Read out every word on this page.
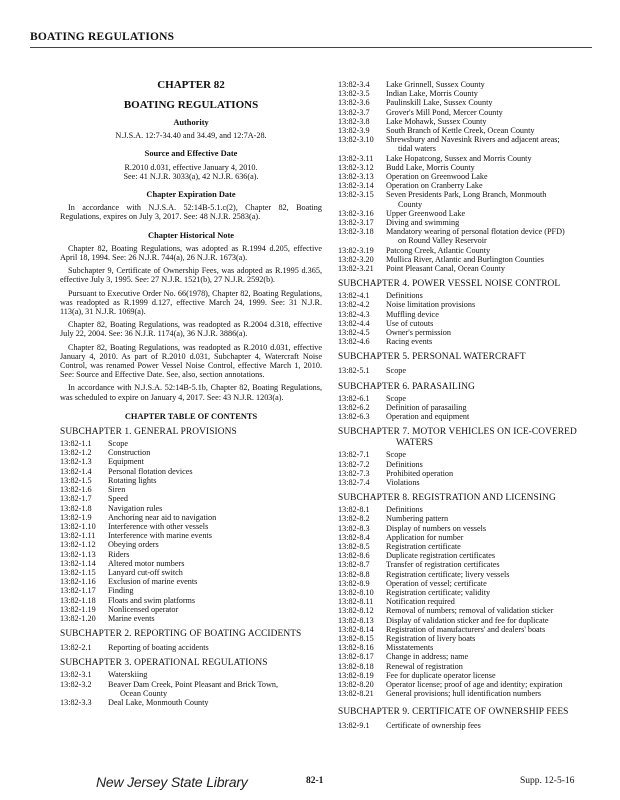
BOATING REGULATIONS
CHAPTER 82
BOATING REGULATIONS
Authority
N.J.S.A. 12:7-34.40 and 34.49, and 12:7A-28.
Source and Effective Date
R.2010 d.031, effective January 4, 2010.
See: 41 N.J.R. 3033(a), 42 N.J.R. 636(a).
Chapter Expiration Date

In accordance with N.J.S.A. 52:14B-5.1.c(2), Chapter 82, Boating Regulations, expires on July 3, 2017. See: 48 N.J.R. 2583(a).

Chapter Historical Note

Chapter 82, Boating Regulations, was adopted as R.1994 d.205, effective April 18, 1994. See: 26 N.J.R. 744(a), 26 N.J.R. 1673(a).

Subchapter 9, Certificate of Ownership Fees, was adopted as R.1995 d.365, effective July 3, 1995. See: 27 N.J.R. 1521(b), 27 N.J.R. 2592(b).

Pursuant to Executive Order No. 66(1978), Chapter 82, Boating Regulations, was readopted as R.1999 d.127, effective March 24, 1999. See: 31 N.J.R. 113(a), 31 N.J.R. 1069(a).

Chapter 82, Boating Regulations, was readopted as R.2004 d.318, effective July 22, 2004. See: 36 N.J.R. 1174(a), 36 N.J.R. 3886(a).

Chapter 82, Boating Regulations, was readopted as R.2010 d.031, effective January 4, 2010. As part of R.2010 d.031, Subchapter 4, Watercraft Noise Control, was renamed Power Vessel Noise Control, effective March 1, 2010. See: Source and Effective Date. See, also, section annotations.

In accordance with N.J.S.A. 52:14B-5.1b, Chapter 82, Boating Regulations, was scheduled to expire on January 4, 2017. See: 43 N.J.R. 1203(a).

CHAPTER TABLE OF CONTENTS
SUBCHAPTER 1. GENERAL PROVISIONS
13:82-1.1	Scope
13:82-1.2	Construction
13:82-1.3	Equipment
13:82-1.4	Personal flotation devices
13:82-1.5	Rotating lights
13:82-1.6	Siren
13:82-1.7	Speed
13:82-1.8	Navigation rules
13:82-1.9	Anchoring near aid to navigation
13:82-1.10	Interference with other vessels
13:82-1.11	Interference with marine events
13:82-1.12	Obeying orders
13:82-1.13	Riders
13:82-1.14	Altered motor numbers
13:82-1.15	Lanyard cut-off switch
13:82-1.16	Exclusion of marine events
13:82-1.17	Finding
13:82-1.18	Floats and swim platforms
13:82-1.19	Nonlicensed operator
13:82-1.20	Marine events
SUBCHAPTER 2. REPORTING OF BOATING ACCIDENTS
13:82-2.1	Reporting of boating accidents
SUBCHAPTER 3. OPERATIONAL REGULATIONS
13:82-3.1	Waterskiing
13:82-3.2	Beaver Dam Creek, Point Pleasant and Brick Town,
Ocean County
13:82-3.3	Deal Lake, Monmouth County
13:82-3.4	Lake Grinnell, Sussex County
13:82-3.5	Indian Lake, Morris County
13:82-3.6	Paulinskill Lake, Sussex County
13:82-3.7	Grover's Mill Pond, Mercer County
13:82-3.8	Lake Mohawk, Sussex County
13:82-3.9	South Branch of Kettle Creek, Ocean County
13:82-3.10	Shrewsbury and Navesink Rivers and adjacent areas;
tidal waters
13:82-3.11	Lake Hopatcong, Sussex and Morris County
13:82-3.12	Budd Lake, Morris County
13:82-3.13	Operation on Greenwood Lake
13:82-3.14	Operation on Cranberry Lake
13:82-3.15	Seven Presidents Park, Long Branch, Monmouth
County
13:82-3.16	Upper Greenwood Lake
13:82-3.17	Diving and swimming
13:82-3.18	Mandatory wearing of personal flotation device (PFD)
on Round Valley Reservoir
13:82-3.19	Patcong Creek, Atlantic County
13:82-3.20	Mullica River, Atlantic and Burlington Counties
13:82-3.21	Point Pleasant Canal, Ocean County
SUBCHAPTER 4. POWER VESSEL NOISE CONTROL
13:82-4.1	Definitions
13:82-4.2	Noise limitation provisions
13:82-4.3	Muffling device
13:82-4.4	Use of cutouts
13:82-4.5	Owner's permission
13:82-4.6	Racing events
SUBCHAPTER 5. PERSONAL WATERCRAFT
13:82-5.1	Scope
SUBCHAPTER 6. PARASAILING
13:82-6.1	Scope
13:82-6.2	Definition of parasailing
13:82-6.3	Operation and equipment
SUBCHAPTER 7. MOTOR VEHICLES ON ICE-COVERED
WATERS
13:82-7.1	Scope
13:82-7.2	Definitions
13:82-7.3	Prohibited operation
13:82-7.4	Violations
SUBCHAPTER 8. REGISTRATION AND LICENSING
13:82-8.1	Definitions
13:82-8.2	Numbering pattern
13:82-8.3	Display of numbers on vessels
13:82-8.4	Application for number
13:82-8.5	Registration certificate
13:82-8.6	Duplicate registration certificates
13:82-8.7	Transfer of registration certificates
13:82-8.8	Registration certificate; livery vessels
13:82-8.9	Operation of vessel; certificate
13:82-8.10	Registration certificate; validity
13:82-8.11	Notification required
13:82-8.12	Removal of numbers; removal of validation sticker
13:82-8.13	Display of validation sticker and fee for duplicate
13:82-8.14	Registration of manufacturers' and dealers' boats
13:82-8.15	Registration of livery boats
13:82-8.16	Misstatements
13:82-8.17	Change in address; name
13:82-8.18	Renewal of registration
13:82-8.19	Fee for duplicate operator license
13:82-8.20	Operator license; proof of age and identity; expiration
13:82-8.21	General provisions; hull identification numbers
SUBCHAPTER 9. CERTIFICATE OF OWNERSHIP FEES
13:82-9.1	Certificate of ownership fees
New Jersey State Library	82-1	Supp. 12-5-16
